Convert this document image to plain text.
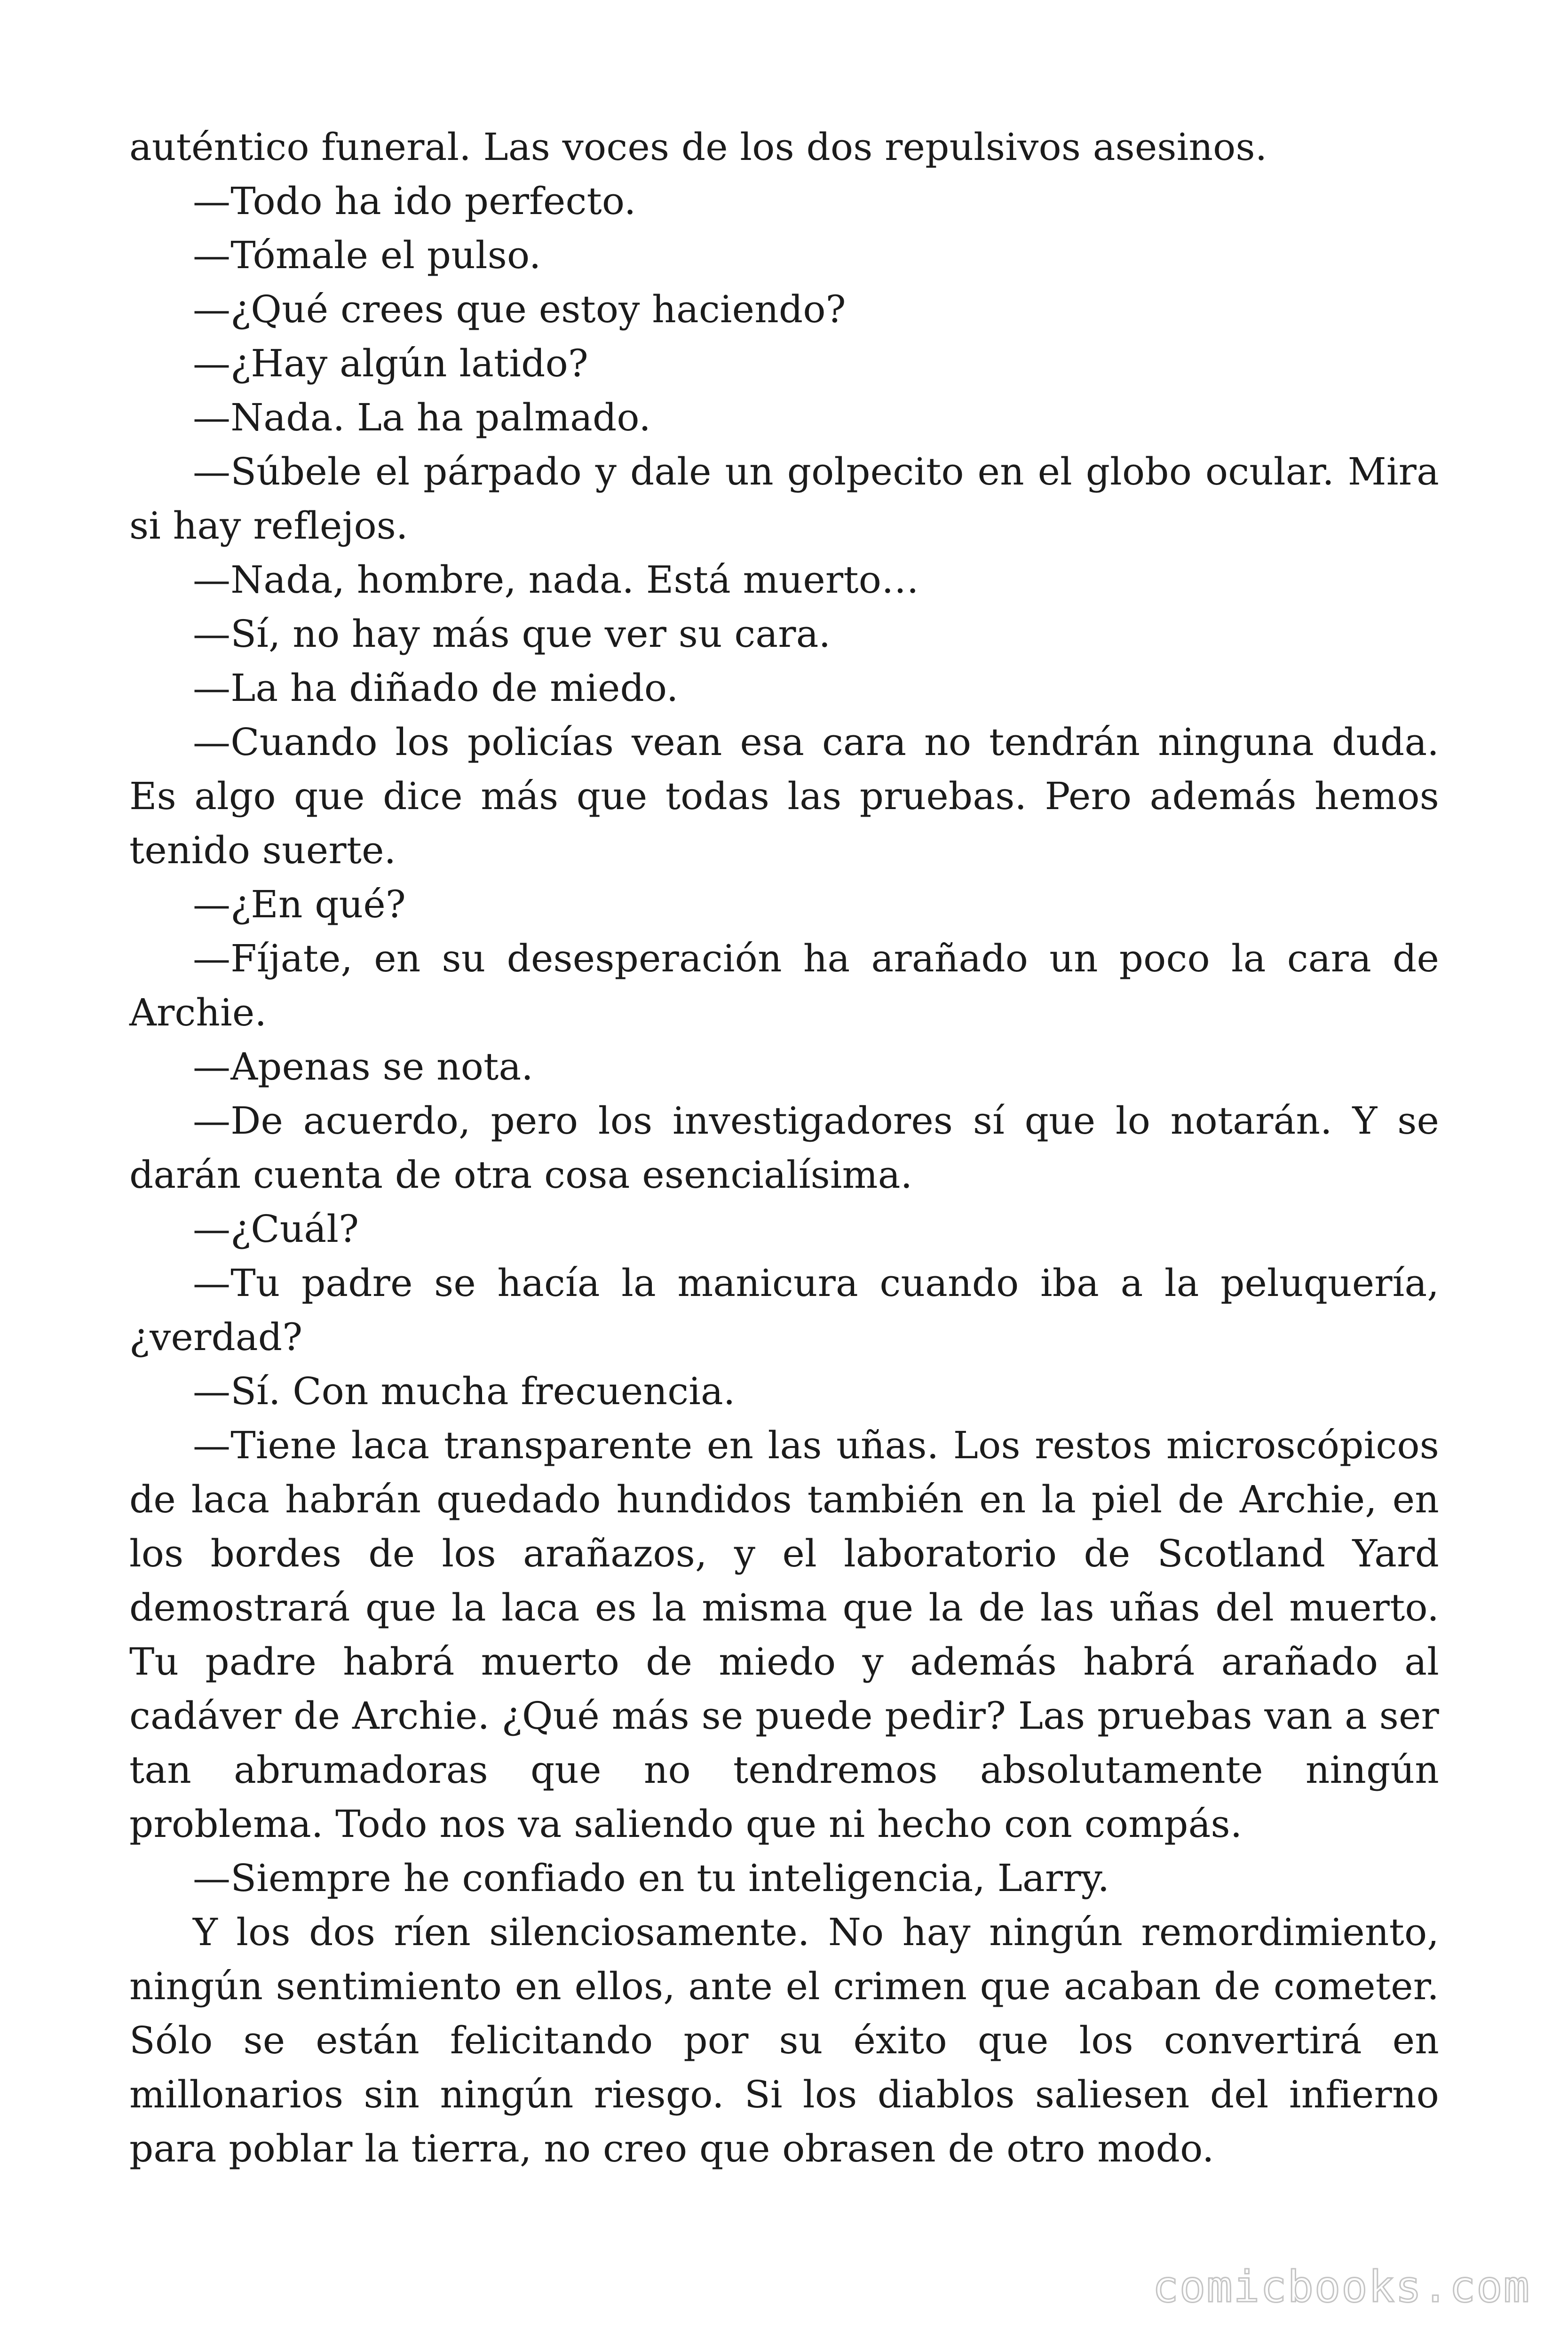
auténtico funeral. Las voces de los dos repulsivos asesinos.

—Todo ha ido perfecto.

—Tómale el pulso.

—¿Qué crees que estoy haciendo?

—¿Hay algún latido?

—Nada. La ha palmado.

—Súbele el párpado y dale un golpecito en el globo ocular. Mira si hay reflejos.

—Nada, hombre, nada. Está muerto…

—Sí, no hay más que ver su cara.

—La ha diñado de miedo.

—Cuando los policías vean esa cara no tendrán ninguna duda. Es algo que dice más que todas las pruebas. Pero además hemos tenido suerte.

—¿En qué?

—Fíjate, en su desesperación ha arañado un poco la cara de Archie.

—Apenas se nota.

—De acuerdo, pero los investigadores sí que lo notarán. Y se darán cuenta de otra cosa esencialísima.

—¿Cuál?

—Tu padre se hacía la manicura cuando iba a la peluquería, ¿verdad?

—Sí. Con mucha frecuencia.

—Tiene laca transparente en las uñas. Los restos microscópicos de laca habrán quedado hundidos también en la piel de Archie, en los bordes de los arañazos, y el laboratorio de Scotland Yard demostrará que la laca es la misma que la de las uñas del muerto. Tu padre habrá muerto de miedo y además habrá arañado al cadáver de Archie. ¿Qué más se puede pedir? Las pruebas van a ser tan abrumadoras que no tendremos absolutamente ningún problema. Todo nos va saliendo que ni hecho con compás.

—Siempre he confiado en tu inteligencia, Larry.

Y los dos ríen silenciosamente. No hay ningún remordimiento, ningún sentimiento en ellos, ante el crimen que acaban de cometer. Sólo se están felicitando por su éxito que los convertirá en millonarios sin ningún riesgo. Si los diablos saliesen del infierno para poblar la tierra, no creo que obrasen de otro modo.

comicbooks.com
